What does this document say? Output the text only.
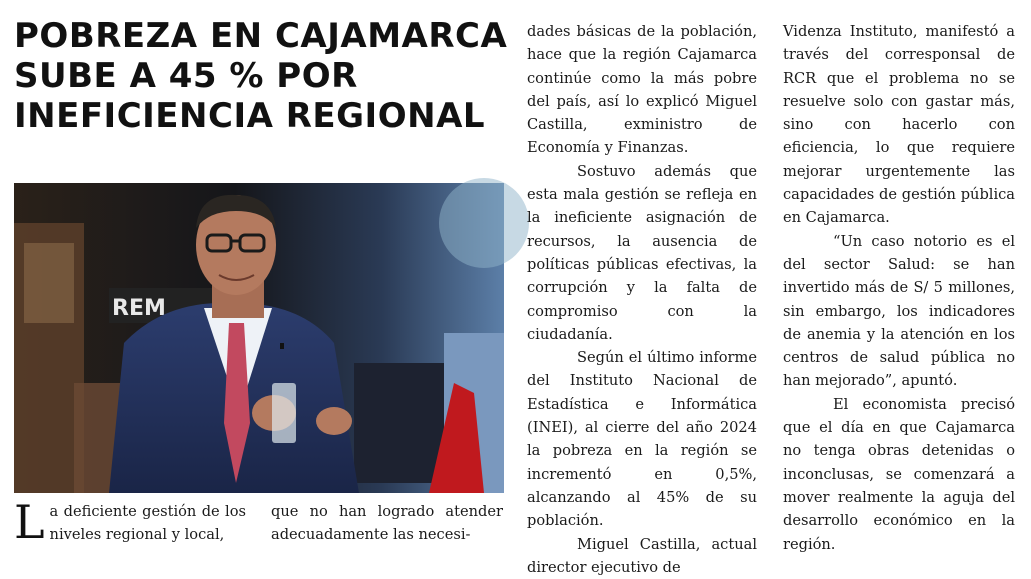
POBREZA EN CAJAMARCA SUBE A 45 % POR INEFICIENCIA REGIONAL
REM

dades básicas de la población, hace que la región Cajamarca continúe como la más pobre del país, así lo explicó Miguel Castilla, exministro de Economía y Finanzas.

Sostuvo además que esta mala gestión se refleja en la ineficiente asignación de recursos, la ausencia de políticas públicas efectivas, la corrupción y la falta de compromiso con la ciudadanía.

Según el último informe del Instituto Nacional de Estadística e Informática (INEI), al cierre del año 2024 la pobreza en la región se incrementó en 0,5%, alcanzando al 45% de su población.

Miguel Castilla, actual director ejecutivo de

Videnza Instituto, manifestó a través del corresponsal de RCR que el problema no se resuelve solo con gastar más, sino con hacerlo con eficiencia, lo que requiere mejorar urgentemente las capacidades de gestión pública en Cajamarca.

“Un caso notorio es el del sector Salud: se han invertido más de S/ 5 millones, sin embargo, los indicadores de anemia y la atención en los centros de salud pública no han mejorado”, apuntó.

El economista precisó que el día en que Cajamarca no tenga obras detenidas o inconclusas, se comenzará a mover realmente la aguja del desarrollo económico en la región.

L a deficiente gestión de los niveles regional y local,
que no han logrado atender adecuadamente las necesi-
